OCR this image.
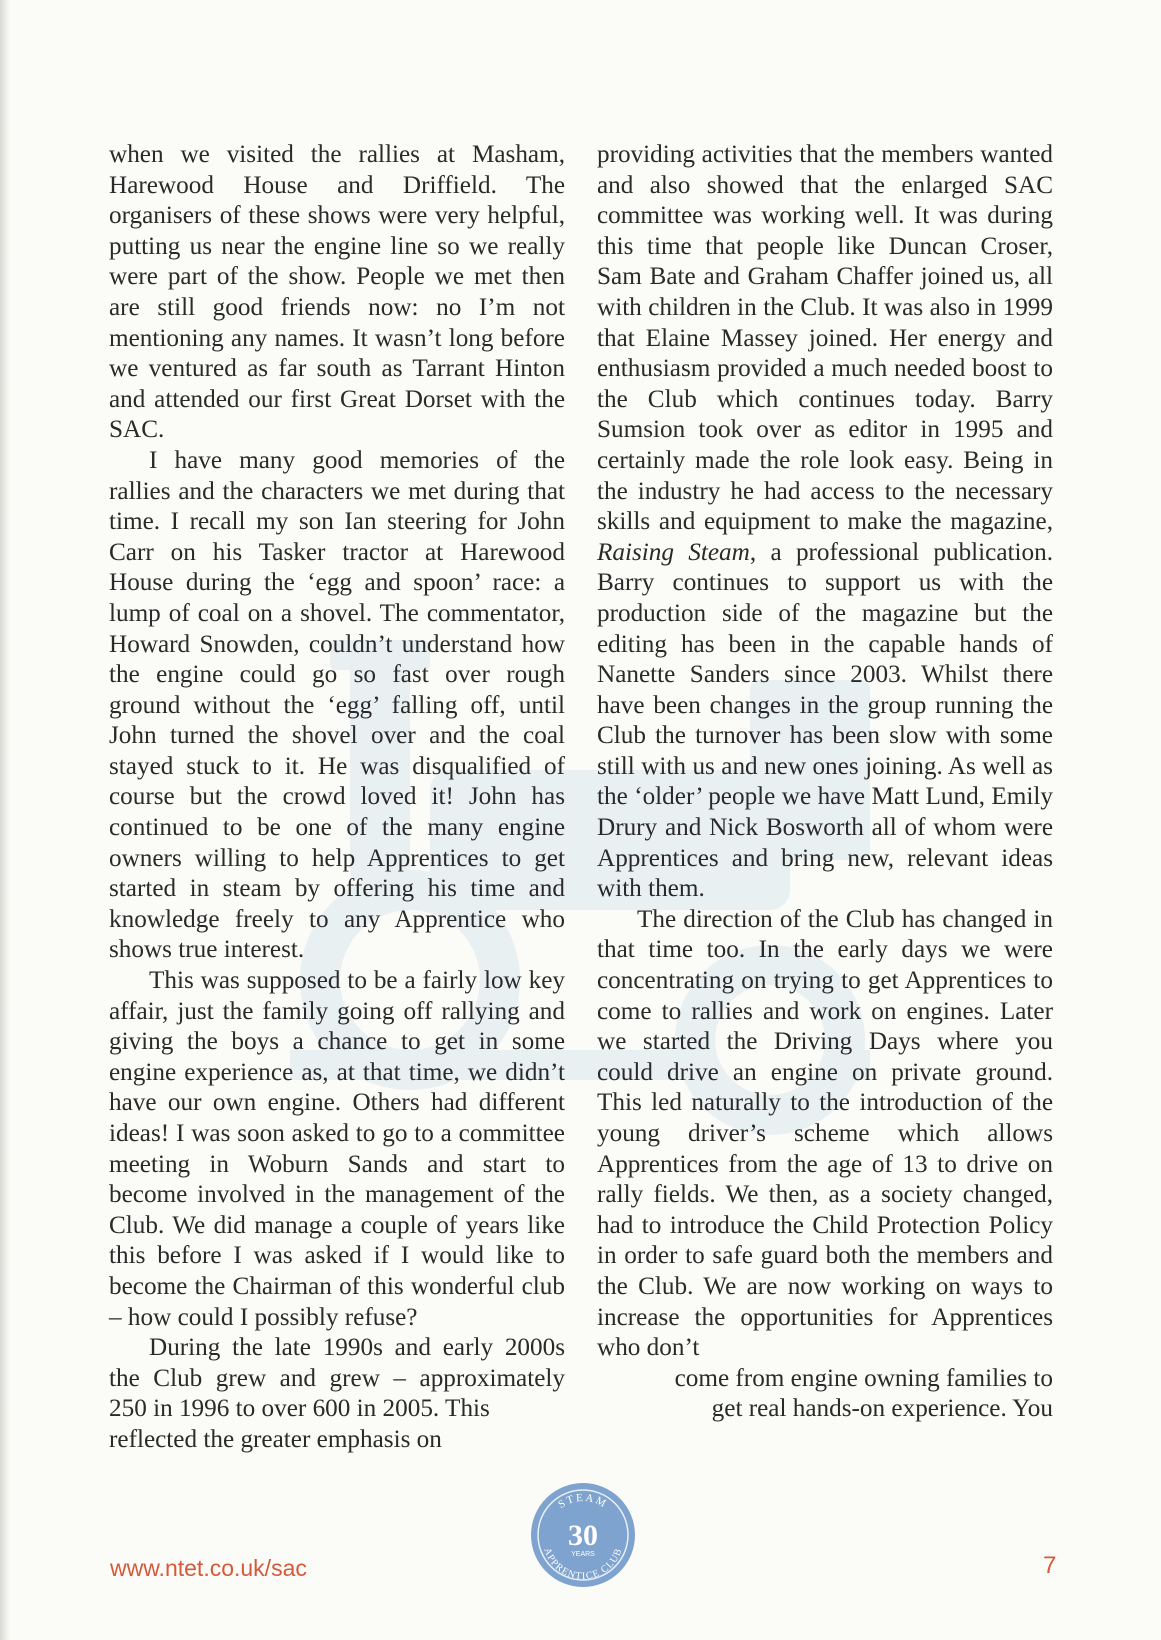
when we visited the rallies at Masham, Harewood House and Driffield. The organisers of these shows were very helpful, putting us near the engine line so we really were part of the show. People we met then are still good friends now: no I’m not mentioning any names. It wasn’t long before we ventured as far south as Tarrant Hinton and attended our first Great Dorset with the SAC.

I have many good memories of the rallies and the characters we met during that time. I recall my son Ian steering for John Carr on his Tasker tractor at Harewood House during the ‘egg and spoon’ race: a lump of coal on a shovel. The commentator, Howard Snowden, couldn’t understand how the engine could go so fast over rough ground without the ‘egg’ falling off, until John turned the shovel over and the coal stayed stuck to it. He was disqualified of course but the crowd loved it! John has continued to be one of the many engine owners willing to help Apprentices to get started in steam by offering his time and knowledge freely to any Apprentice who shows true interest.

This was supposed to be a fairly low key affair, just the family going off rallying and giving the boys a chance to get in some engine experience as, at that time, we didn’t have our own engine. Others had different ideas! I was soon asked to go to a committee meeting in Woburn Sands and start to become involved in the management of the Club. We did manage a couple of years like this before I was asked if I would like to become the Chairman of this wonderful club – how could I possibly refuse?

During the late 1990s and early 2000s the Club grew and grew – approximately 250 in 1996 to over 600 in 2005. This

reflected the greater emphasis on

providing activities that the members wanted and also showed that the enlarged SAC committee was working well. It was during this time that people like Duncan Croser, Sam Bate and Graham Chaffer joined us, all with children in the Club. It was also in 1999 that Elaine Massey joined. Her energy and enthusiasm provided a much needed boost to the Club which continues today. Barry Sumsion took over as editor in 1995 and certainly made the role look easy. Being in the industry he had access to the necessary skills and equipment to make the magazine, Raising Steam, a professional publication. Barry continues to support us with the production side of the magazine but the editing has been in the capable hands of Nanette Sanders since 2003. Whilst there have been changes in the group running the Club the turnover has been slow with some still with us and new ones joining. As well as the ‘older’ people we have Matt Lund, Emily Drury and Nick Bosworth all of whom were Apprentices and bring new, relevant ideas with them.

The direction of the Club has changed in that time too. In the early days we were concentrating on trying to get Apprentices to come to rallies and work on engines. Later we started the Driving Days where you could drive an engine on private ground. This led naturally to the introduction of the young driver’s scheme which allows Apprentices from the age of 13 to drive on rally fields. We then, as a society changed, had to introduce the Child Protection Policy in order to safe guard both the members and the Club. We are now working on ways to increase the opportunities for Apprentices who don’t

come from engine owning families to

get real hands-on experience. You

STEAM
APPRENTICE CLUB
30
YEARS
www.ntet.co.uk/sac	7
